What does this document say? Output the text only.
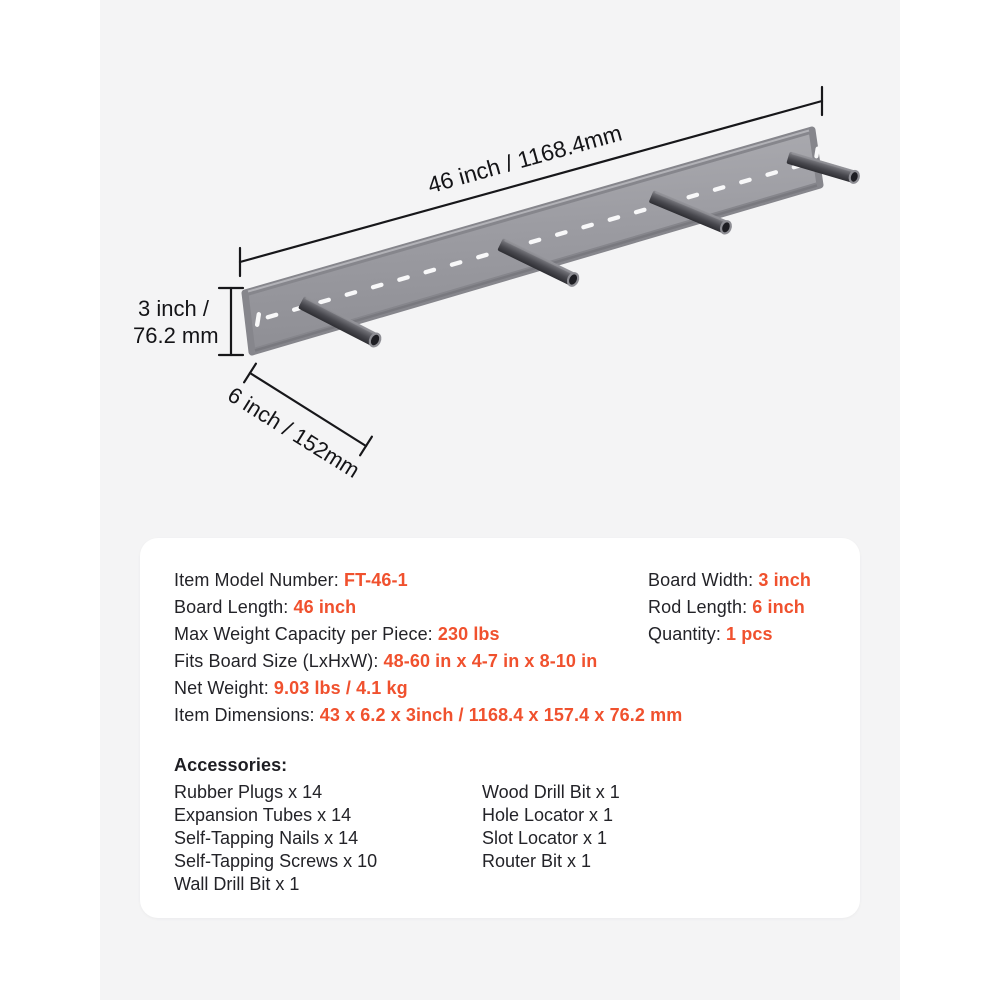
46 inch / 1168.4mm
3 inch /
76.2 mm
6 inch / 152mm
Item Model Number: FT-46-1
Board Length: 46 inch
Max Weight Capacity per Piece: 230 lbs
Fits Board Size (LxHxW): 48-60 in x 4-7 in x 8-10 in
Net Weight: 9.03 lbs / 4.1 kg
Item Dimensions: 43 x 6.2 x 3inch / 1168.4 x 157.4 x 76.2 mm
Board Width: 3 inch
Rod Length: 6 inch
Quantity: 1 pcs
Accessories:
Rubber Plugs x 14
Expansion Tubes x 14
Self-Tapping Nails x 14
Self-Tapping Screws x 10
Wall Drill Bit x 1
Wood Drill Bit x 1
Hole Locator x 1
Slot Locator x 1
Router Bit x 1
